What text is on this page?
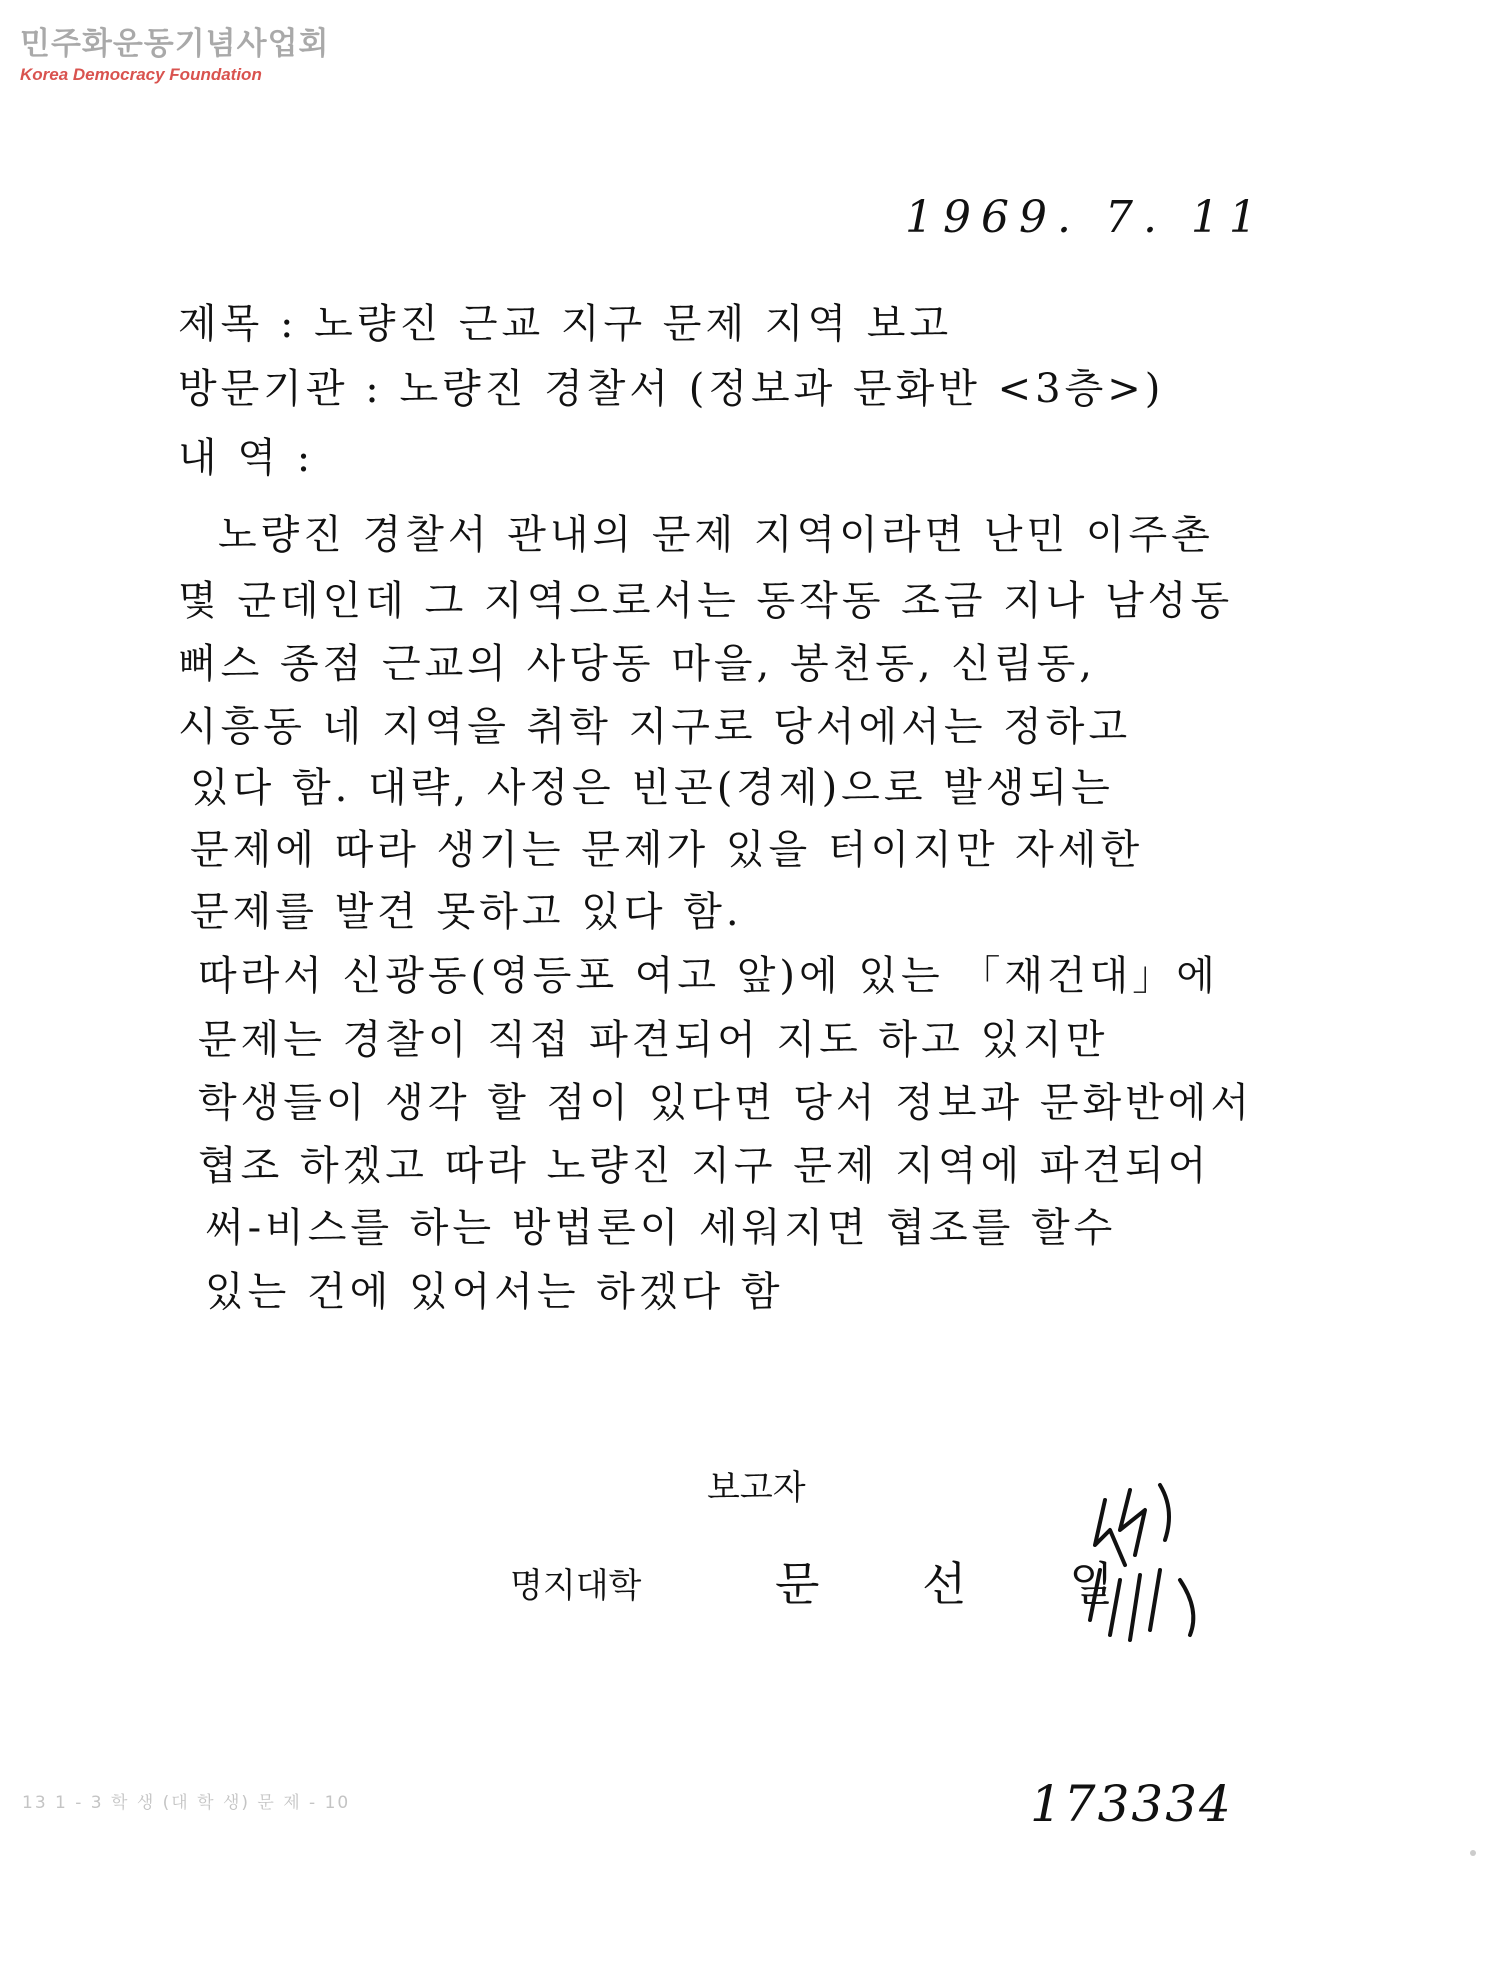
민주화운동기념사업회
Korea Democracy Foundation
1969. 7. 11
제목 : 노량진 근교 지구 문제 지역 보고
방문기관 : 노량진 경찰서 (정보과 문화반 <3층>)
내 역 :
노량진 경찰서 관내의 문제 지역이라면 난민 이주촌
몇 군데인데 그 지역으로서는 동작동 조금 지나 남성동
뻐스 종점 근교의 사당동 마을, 봉천동, 신림동,
시흥동 네 지역을 취학 지구로 당서에서는 정하고
있다 함. 대략, 사정은 빈곤(경제)으로 발생되는
문제에 따라 생기는 문제가 있을 터이지만 자세한
문제를 발견 못하고 있다 함.
따라서 신광동(영등포 여고 앞)에 있는 「재건대」에
문제는 경찰이 직접 파견되어 지도 하고 있지만
학생들이 생각 할 점이 있다면 당서 정보과 문화반에서
협조 하겠고 따라 노량진 지구 문제 지역에 파견되어
써-비스를 하는 방법론이 세워지면 협조를 할수
있는 건에 있어서는 하겠다 함
보고자
명지대학	문 선 일
173334
13 1 - 3 학 생 (대 학 생) 문 제 - 10
